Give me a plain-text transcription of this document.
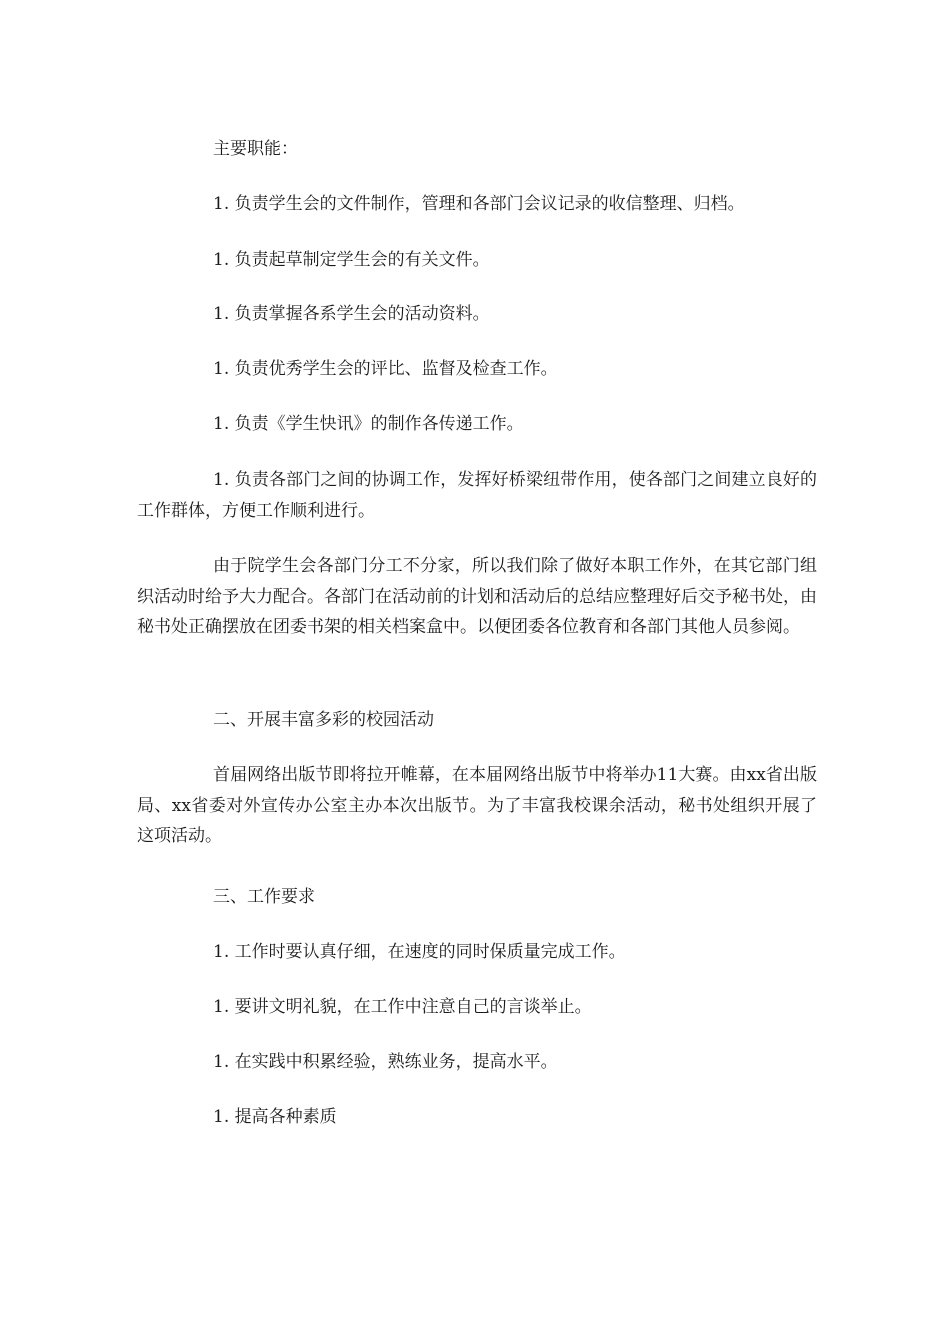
主要职能：

1. 负责学生会的文件制作，管理和各部门会议记录的收信整理、归档。

1. 负责起草制定学生会的有关文件。

1. 负责掌握各系学生会的活动资料。

1. 负责优秀学生会的评比、监督及检查工作。

1. 负责《学生快讯》的制作各传递工作。

1. 负责各部门之间的协调工作，发挥好桥梁纽带作用，使各部门之间建立良好的工作群体，方便工作顺利进行。

由于院学生会各部门分工不分家，所以我们除了做好本职工作外，在其它部门组织活动时给予大力配合。各部门在活动前的计划和活动后的总结应整理好后交予秘书处，由秘书处正确摆放在团委书架的相关档案盒中。以便团委各位教育和各部门其他人员参阅。

二、开展丰富多彩的校园活动

首届网络出版节即将拉开帷幕，在本届网络出版节中将举办11大赛。由xx省出版局、xx省委对外宣传办公室主办本次出版节。为了丰富我校课余活动，秘书处组织开展了这项活动。

三、工作要求

1. 工作时要认真仔细，在速度的同时保质量完成工作。

1. 要讲文明礼貌，在工作中注意自己的言谈举止。

1. 在实践中积累经验，熟练业务，提高水平。

1. 提高各种素质
